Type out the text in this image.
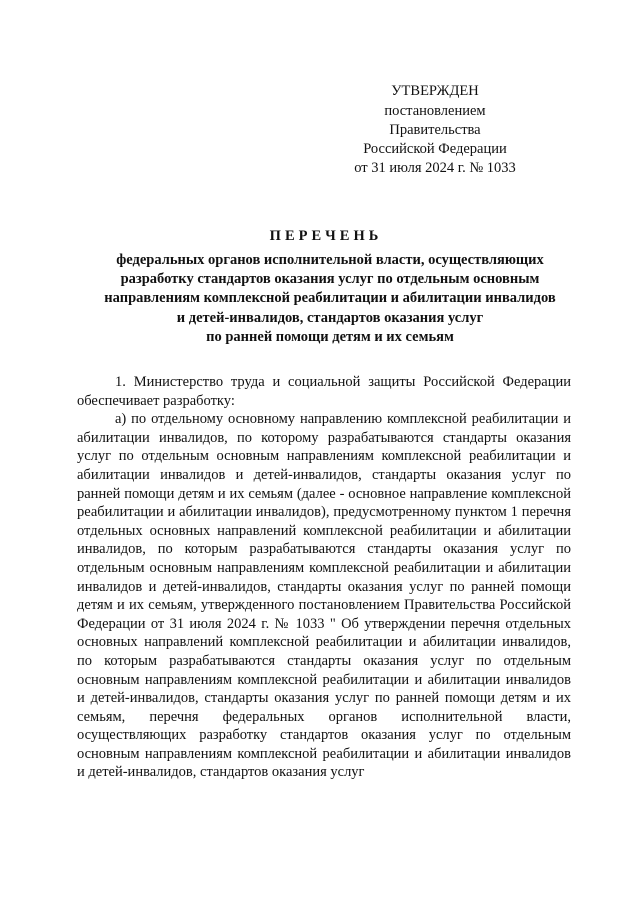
УТВЕРЖДЕН
постановлением Правительства
Российской Федерации
от 31 июля 2024 г. № 1033
ПЕРЕЧЕНЬ
федеральных органов исполнительной власти, осуществляющих
разработку стандартов оказания услуг по отдельным основным
направлениям комплексной реабилитации и абилитации инвалидов
и детей-инвалидов, стандартов оказания услуг
по ранней помощи детям и их семьям

1. Министерство труда и социальной защиты Российской Федерации обеспечивает разработку:

а) по отдельному основному направлению комплексной реабилитации и абилитации инвалидов, по которому разрабатываются стандарты оказания услуг по отдельным основным направлениям комплексной реабилитации и абилитации инвалидов и детей-инвалидов, стандарты оказания услуг по ранней помощи детям и их семьям (далее - основное направление комплексной реабилитации и абилитации инвалидов), предусмотренному пунктом 1 перечня отдельных основных направлений комплексной реабилитации и абилитации инвалидов, по которым разрабатываются стандарты оказания услуг по отдельным основным направлениям комплексной реабилитации и абилитации инвалидов и детей-инвалидов, стандарты оказания услуг по ранней помощи детям и их семьям, утвержденного постановлением Правительства Российской Федерации от 31 июля 2024 г. № 1033 " Об утверждении перечня отдельных основных направлений комплексной реабилитации и абилитации инвалидов, по которым разрабатываются стандарты оказания услуг по отдельным основным направлениям комплексной реабилитации и абилитации инвалидов и детей-инвалидов, стандарты оказания услуг по ранней помощи детям и их семьям, перечня федеральных органов исполнительной власти, осуществляющих разработку стандартов оказания услуг по отдельным основным направлениям комплексной реабилитации и абилитации инвалидов и детей-инвалидов, стандартов оказания услуг
